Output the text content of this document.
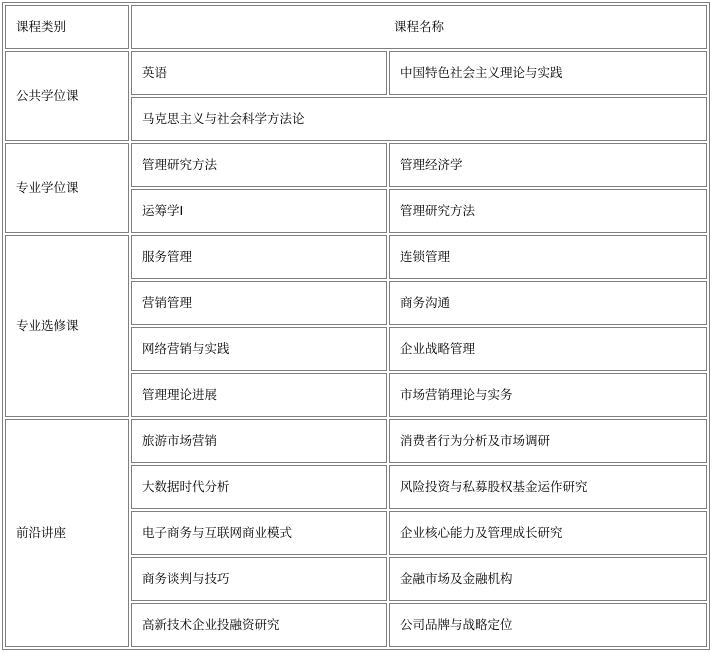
课程类别	课程名称	
公共学位课	英语	中国特色社会主义理论与实践
	马克思主义与社会科学方法论	
专业学位课	管理研究方法	管理经济学
	运筹学I	管理研究方法
专业选修课	服务管理	连锁管理
	营销管理	商务沟通
	网络营销与实践	企业战略管理
	管理理论进展	市场营销理论与实务
前沿讲座	旅游市场营销	消费者行为分析及市场调研
	大数据时代分析	风险投资与私募股权基金运作研究
	电子商务与互联网商业模式	企业核心能力及管理成长研究
	商务谈判与技巧	金融市场及金融机构
	高新技术企业投融资研究	公司品牌与战略定位
